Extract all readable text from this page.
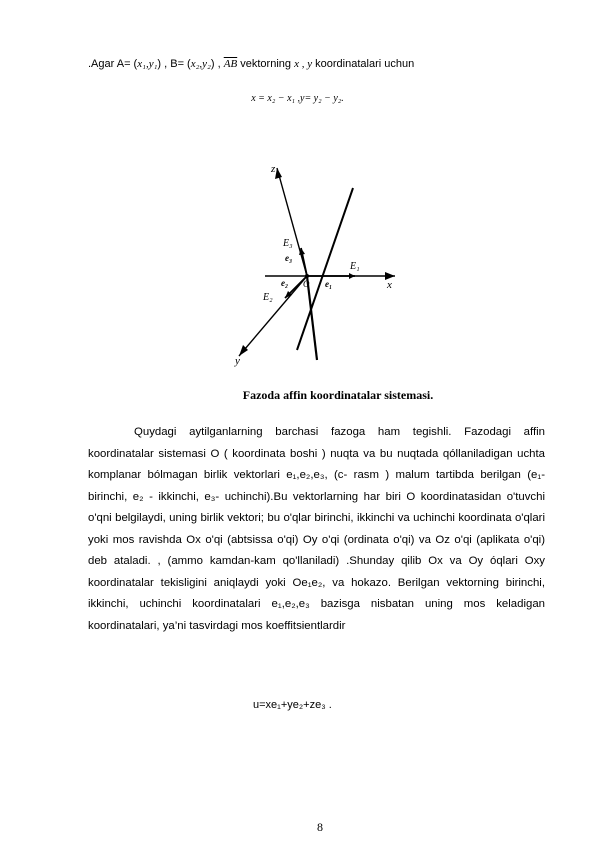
.Agar A= (x₁,y₁) , B= (x₂,y₂) , $\overline{AB}$ vektorning x , y koordinatalari uchun
x = x₂ − x₁ ,y= y₂ − y₂.
z
x
y
O
E₁
E₂
E₃
e₁
e₂
e₃
Fazoda affin koordinatalar sistemasi.
Quydagi aytilganlarning barchasi fazoga ham tegishli. Fazodagi affin koordinatalar sistemasi O ( koordinata boshi ) nuqta va bu nuqtada qóllaniladigan uchta komplanar bólmagan birlik vektorlari e₁,e₂,e₃, (c- rasm ) malum tartibda berilgan (e₁- birinchi, e₂ - ikkinchi, e₃- uchinchi).Bu vektorlarning har biri O koordinatasidan o'tuvchi o'qni belgilaydi, uning birlik vektori; bu o'qlar birinchi, ikkinchi va uchinchi koordinata o'qlari yoki mos ravishda Ox o'qi (abtsissa o'qi) Oy o'qi (ordinata o'qi) va Oz o'qi (aplikata o'qi) deb ataladi. , (ammo kamdan-kam qo'llaniladi) .Shunday qilib Ox va Oy óqlari Oxy koordinatalar tekisligini aniqlaydi yoki Oe₁e₂, va hokazo. Berilgan vektorning birinchi, ikkinchi, uchinchi koordinatalari e₁,e₂,e₃ bazisga nisbatan uning mos keladigan koordinatalari, ya’ni tasvirdagi mos koeffitsientlardir
u=xe₁+ye₂+ze₃ .
8
